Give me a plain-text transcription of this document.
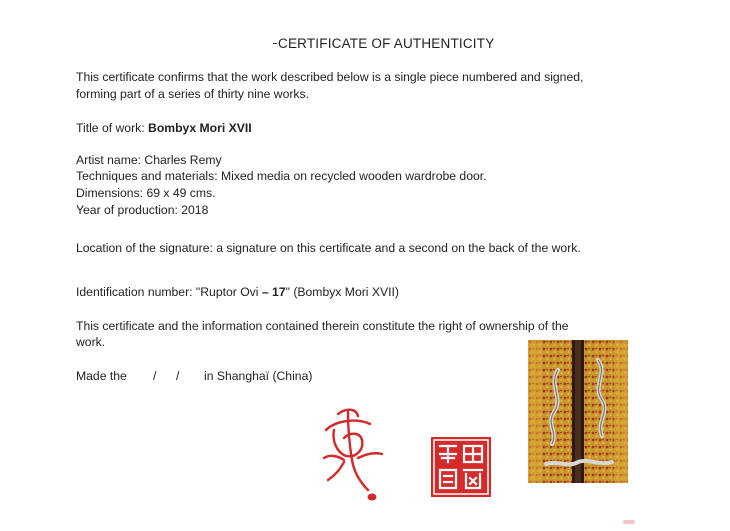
CERTIFICATE OF AUTHENTICITY
This certificate confirms that the work described below is a single piece numbered and signed,
forming part of a series of thirty nine works.
Title of work: Bombyx Mori XVII
Artist name: Charles Remy
Techniques and materials: Mixed media on recycled wooden wardrobe door.
Dimensions: 69 x 49 cms.
Year of production: 2018
Location of the signature: a signature on this certificate and a second on the back of the work.
Identification number: "Ruptor Ovi – 17" (Bombyx Mori XVII)
This certificate and the information contained therein constitute the right of ownership of the
work.
Made the / / in Shanghaï (China)
